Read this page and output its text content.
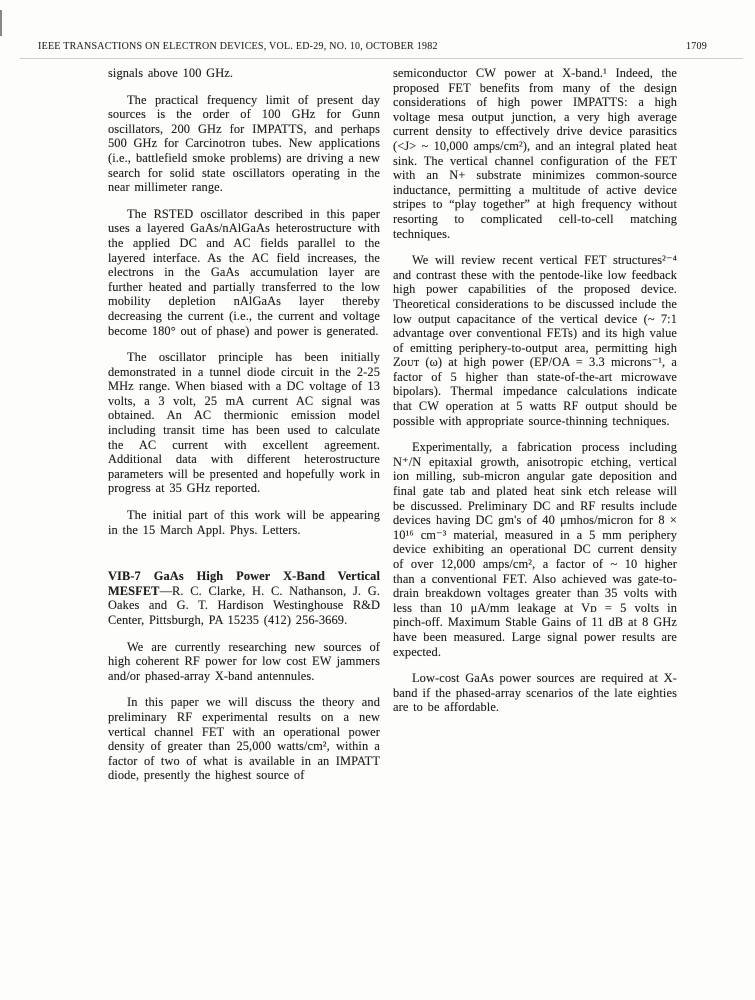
IEEE TRANSACTIONS ON ELECTRON DEVICES, VOL. ED-29, NO. 10, OCTOBER 1982	1709

signals above 100 GHz.

The practical frequency limit of present day sources is the order of 100 GHz for Gunn oscillators, 200 GHz for IMPATTS, and perhaps 500 GHz for Carcinotron tubes. New applications (i.e., battlefield smoke problems) are driving a new search for solid state oscillators operating in the near millimeter range.

The RSTED oscillator described in this paper uses a layered GaAs/nAlGaAs heterostructure with the applied DC and AC fields parallel to the layered interface. As the AC field increases, the electrons in the GaAs accumulation layer are further heated and partially transferred to the low mobility depletion nAlGaAs layer thereby decreasing the current (i.e., the current and voltage become 180° out of phase) and power is generated.

The oscillator principle has been initially demonstrated in a tunnel diode circuit in the 2-25 MHz range. When biased with a DC voltage of 13 volts, a 3 volt, 25 mA current AC signal was obtained. An AC thermionic emission model including transit time has been used to calculate the AC current with excellent agreement. Additional data with different heterostructure parameters will be presented and hopefully work in progress at 35 GHz reported.

The initial part of this work will be appearing in the 15 March Appl. Phys. Letters.

VIB-7 GaAs High Power X-Band Vertical MESFET—R. C. Clarke, H. C. Nathanson, J. G. Oakes and G. T. Hardison Westinghouse R&D Center, Pittsburgh, PA 15235 (412) 256-3669.

We are currently researching new sources of high coherent RF power for low cost EW jammers and/or phased-array X-band antennules.

In this paper we will discuss the theory and preliminary RF experimental results on a new vertical channel FET with an operational power density of greater than 25,000 watts/cm², within a factor of two of what is available in an IMPATT diode, presently the highest source of

semiconductor CW power at X-band.¹ Indeed, the proposed FET benefits from many of the design considerations of high power IMPATTS: a high voltage mesa output junction, a very high average current density to effectively drive device parasitics (<J> ~ 10,000 amps/cm²), and an integral plated heat sink. The vertical channel configuration of the FET with an N+ substrate minimizes common-source inductance, permitting a multitude of active device stripes to “play together” at high frequency without resorting to complicated cell-to-cell matching techniques.

We will review recent vertical FET structures²⁻⁴ and contrast these with the pentode-like low feedback high power capabilities of the proposed device. Theoretical considerations to be discussed include the low output capacitance of the vertical device (~ 7:1 advantage over conventional FETs) and its high value of emitting periphery-to-output area, permitting high Zᴏᴜᴛ (ω) at high power (EP/OA = 3.3 microns⁻¹, a factor of 5 higher than state-of-the-art microwave bipolars). Thermal impedance calculations indicate that CW operation at 5 watts RF output should be possible with appropriate source-thinning techniques.

Experimentally, a fabrication process including N⁺/N epitaxial growth, anisotropic etching, vertical ion milling, sub-micron angular gate deposition and final gate tab and plated heat sink etch release will be discussed. Preliminary DC and RF results include devices having DC gm's of 40 μmhos/micron for 8 × 10¹⁶ cm⁻³ material, measured in a 5 mm periphery device exhibiting an operational DC current density of over 12,000 amps/cm², a factor of ~ 10 higher than a conventional FET. Also achieved was gate-to-drain breakdown voltages greater than 35 volts with less than 10 μA/mm leakage at Vᴅ = 5 volts in pinch-off. Maximum Stable Gains of 11 dB at 8 GHz have been measured. Large signal power results are expected.

Low-cost GaAs power sources are required at X-band if the phased-array scenarios of the late eighties are to be affordable.
